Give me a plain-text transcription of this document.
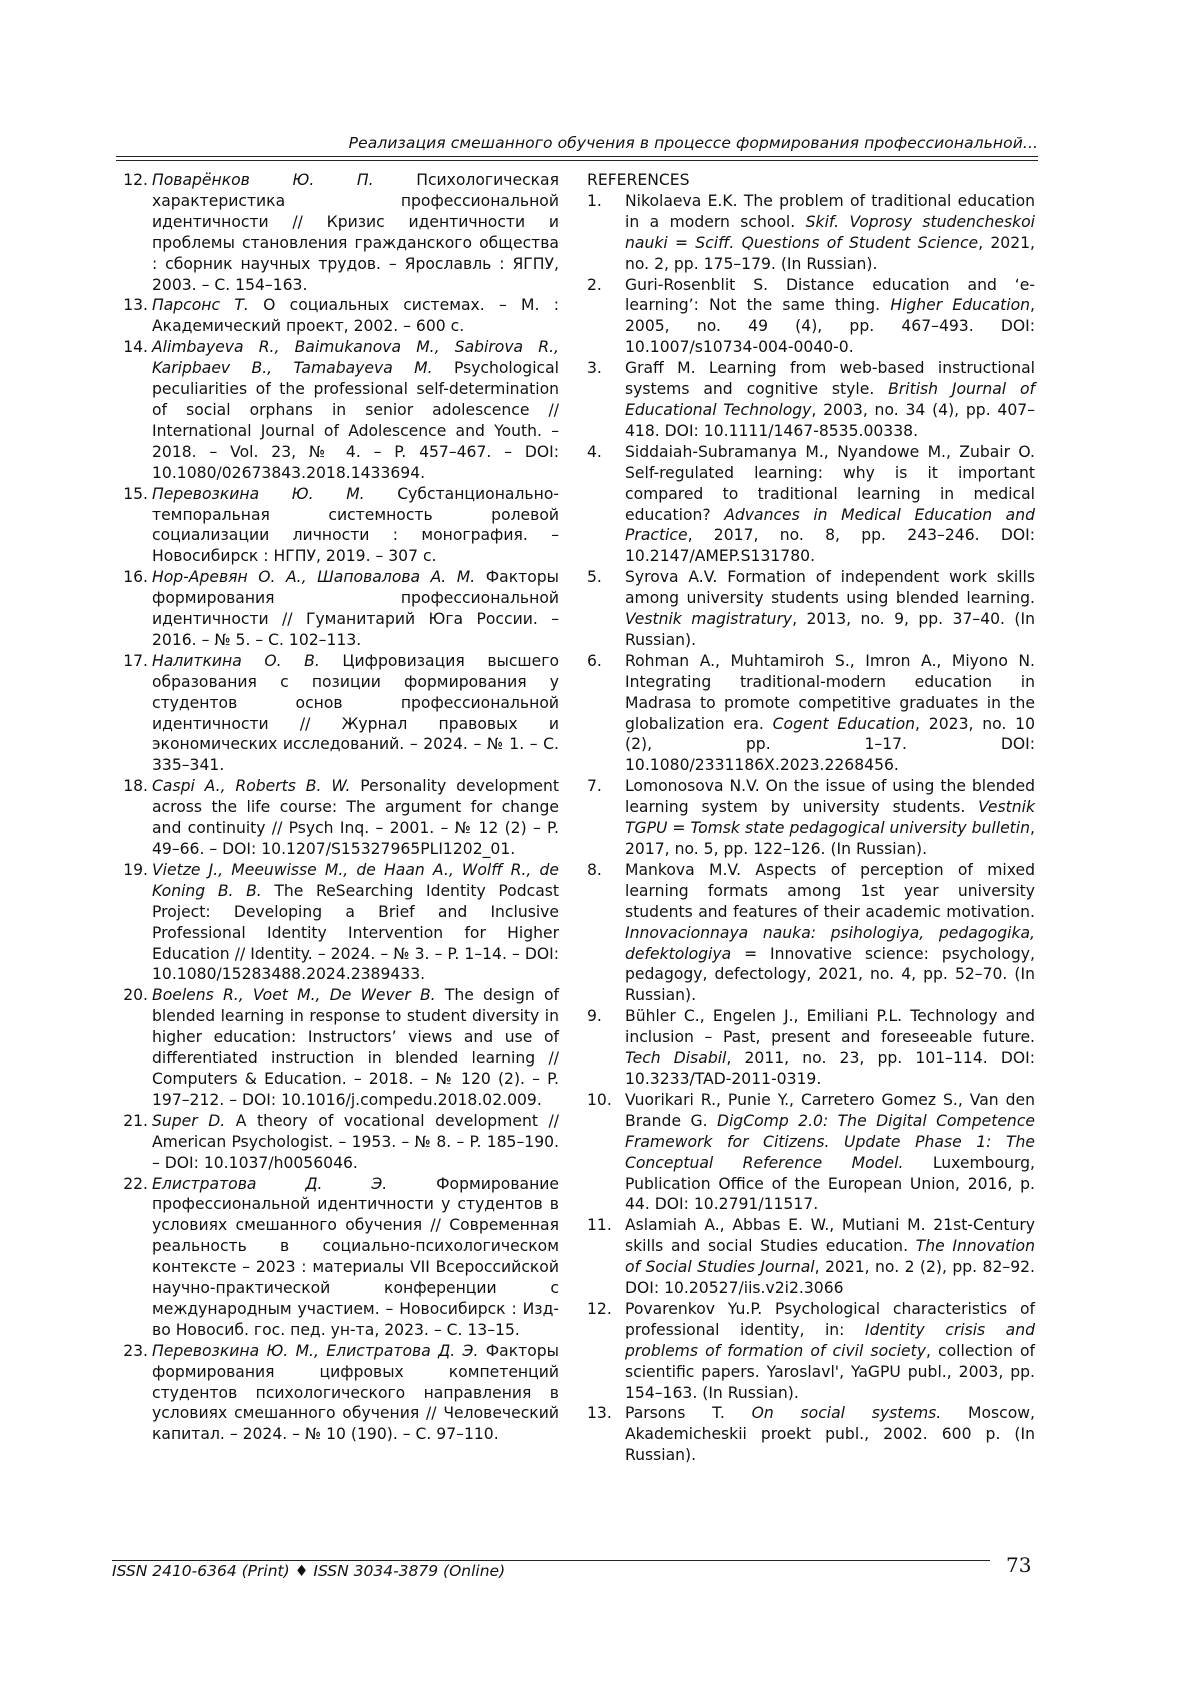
Реализация смешанного обучения в процессе формирования профессиональной...
12. Поварёнков Ю. П. Психологическая характеристика профессиональной идентичности // Кризис идентичности и проблемы становления гражданского общества : сборник научных трудов. – Ярославль : ЯГПУ, 2003. – С. 154–163.
13. Парсонс Т. О социальных системах. – М. : Академический проект, 2002. – 600 с.
14. Alimbayeva R., Baimukanova M., Sabirova R., Karipbaev B., Tamabayeva M. Psychological peculiarities of the professional self-determination of social orphans in senior adolescence // International Journal of Adolescence and Youth. – 2018. – Vol. 23, № 4. – P. 457–467. – DOI: 10.1080/02673843.2018.1433694.
15. Перевозкина Ю. М. Субстанционально-темпоральная системность ролевой социализации личности : монография. – Новосибирск : НГПУ, 2019. – 307 с.
16. Нор-Аревян О. А., Шаповалова А. М. Факторы формирования профессиональной идентичности // Гуманитарий Юга России. – 2016. – № 5. – С. 102–113.
17. Налиткина О. В. Цифровизация высшего образования с позиции формирования у студентов основ профессиональной идентичности // Журнал правовых и экономических исследований. – 2024. – № 1. – С. 335–341.
18. Caspi A., Roberts B. W. Personality development across the life course: The argument for change and continuity // Psych Inq. – 2001. – № 12 (2) – P. 49–66. – DOI: 10.1207/S15327965PLI1202_01.
19. Vietze J., Meeuwisse M., de Haan A., Wolff R., de Koning B. B. The ReSearching Identity Podcast Project: Developing a Brief and Inclusive Professional Identity Intervention for Higher Education // Identity. – 2024. – № 3. – P. 1–14. – DOI: 10.1080/15283488.2024.2389433.
20. Boelens R., Voet M., De Wever B. The design of blended learning in response to student diversity in higher education: Instructors’ views and use of differentiated instruction in blended learning // Computers & Education. – 2018. – № 120 (2). – P. 197–212. – DOI: 10.1016/j.compedu.2018.02.009.
21. Super D. A theory of vocational development // American Psychologist. – 1953. – № 8. – P. 185–190. – DOI: 10.1037/h0056046.
22. Елистратова Д. Э. Формирование профессиональной идентичности у студентов в условиях смешанного обучения // Современная реальность в социально-психологическом контексте – 2023 : материалы VII Всероссийской научно-практической конференции с международным участием. – Новосибирск : Изд-во Новосиб. гос. пед. ун-та, 2023. – С. 13–15.
23. Перевозкина Ю. М., Елистратова Д. Э. Факторы формирования цифровых компетенций студентов психологического направления в условиях смешанного обучения // Человеческий капитал. – 2024. – № 10 (190). – С. 97–110.
REFERENCES
1.	Nikolaeva E.K. The problem of traditional education in a modern school. Skif. Voprosy studencheskoi nauki = Sciff. Questions of Student Science, 2021, no. 2, pp. 175–179. (In Russian).
2.	Guri-Rosenblit S. Distance education and ‘e-learning’: Not the same thing. Higher Education, 2005, no. 49 (4), pp. 467–493. DOI: 10.1007/s10734-004-0040-0.
3.	Graff M. Learning from web-based instructional systems and cognitive style. British Journal of Educational Technology, 2003, no. 34 (4), pp. 407–418. DOI: 10.1111/1467-8535.00338.
4.	Siddaiah-Subramanya M., Nyandowe M., Zubair O. Self-regulated learning: why is it important compared to traditional learning in medical education? Advances in Medical Education and Practice, 2017, no. 8, pp. 243–246. DOI: 10.2147/AMEP.S131780.
5.	Syrova A.V. Formation of independent work skills among university students using blended learning. Vestnik magistratury, 2013, no. 9, pp. 37–40. (In Russian).
6.	Rohman A., Muhtamiroh S., Imron A., Miyono N. Integrating traditional-modern education in Madrasa to promote competitive graduates in the globalization era. Cogent Education, 2023, no. 10 (2), pp. 1–17. DOI: 10.1080/2331186X.2023.2268456.
7.	Lomonosova N.V. On the issue of using the blended learning system by university students. Vestnik TGPU = Tomsk state pedagogical university bulletin, 2017, no. 5, pp. 122–126. (In Russian).
8.	Mankova M.V. Aspects of perception of mixed learning formats among 1st year university students and features of their academic motivation. Innovacionnaya nauka: psihologiya, pedagogika, defektologiya = Innovative science: psychology, pedagogy, defectology, 2021, no. 4, pp. 52–70. (In Russian).
9.	Bühler C., Engelen J., Emiliani P.L. Technology and inclusion – Past, present and foreseeable future. Tech Disabil, 2011, no. 23, pp. 101–114. DOI: 10.3233/TAD-2011-0319.
10. Vuorikari R., Punie Y., Carretero Gomez S., Van den Brande G. DigComp 2.0: The Digital Competence Framework for Citizens. Update Phase 1: The Conceptual Reference Model. Luxembourg, Publication Office of the European Union, 2016, p. 44. DOI: 10.2791/11517.
11. Aslamiah A., Abbas E. W., Mutiani M. 21st-Century skills and social Studies education. The Innovation of Social Studies Journal, 2021, no. 2 (2), pp. 82–92. DOI: 10.20527/iis.v2i2.3066
12. Povarenkov Yu.P. Psychological characteristics of professional identity, in: Identity crisis and problems of formation of civil society, collection of scientific papers. Yaroslavl', YaGPU publ., 2003, pp. 154–163. (In Russian).
13. Parsons T. On social systems. Moscow, Akademicheskii proekt publ., 2002. 600 p. (In Russian).
ISSN 2410-6364 (Print) ♦ ISSN 3034-3879 (Online)	73
